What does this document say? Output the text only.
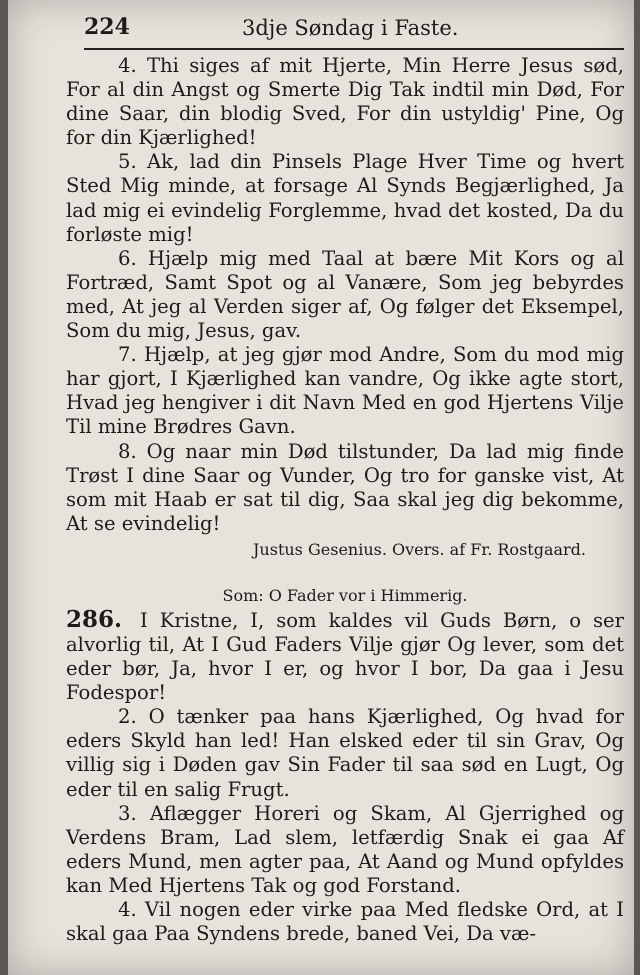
224	3dje Søndag i Faste.

4. Thi siges af mit Hjerte, Min Herre Jesus sød, For al din Angst og Smerte Dig Tak indtil min Død, For dine Saar, din blodig Sved, For din ustyldig' Pine, Og for din Kjærlighed!

5. Ak, lad din Pinsels Plage Hver Time og hvert Sted Mig minde, at forsage Al Synds Begjærlighed, Ja lad mig ei evindelig Forglemme, hvad det kosted, Da du forløste mig!

6. Hjælp mig med Taal at bære Mit Kors og al Fortræd, Samt Spot og al Vanære, Som jeg bebyrdes med, At jeg al Verden siger af, Og følger det Eksempel, Som du mig, Jesus, gav.

7. Hjælp, at jeg gjør mod Andre, Som du mod mig har gjort, I Kjærlighed kan vandre, Og ikke agte stort, Hvad jeg hengiver i dit Navn Med en god Hjertens Vilje Til mine Brødres Gavn.

8. Og naar min Død tilstunder, Da lad mig finde Trøst I dine Saar og Vunder, Og tro for ganske vist, At som mit Haab er sat til dig, Saa skal jeg dig bekomme, At se evindelig!

Justus Gesenius. Overs. af Fr. Rostgaard.
Som: O Fader vor i Himmerig.

286. I Kristne, I, som kaldes vil Guds Børn, o ser alvorlig til, At I Gud Faders Vilje gjør Og lever, som det eder bør, Ja, hvor I er, og hvor I bor, Da gaa i Jesu Fodespor!

2. O tænker paa hans Kjærlighed, Og hvad for eders Skyld han led! Han elsked eder til sin Grav, Og villig sig i Døden gav Sin Fader til saa sød en Lugt, Og eder til en salig Frugt.

3. Aflægger Horeri og Skam, Al Gjerrighed og Verdens Bram, Lad slem, letfærdig Snak ei gaa Af eders Mund, men agter paa, At Aand og Mund opfyldes kan Med Hjertens Tak og god Forstand.

4. Vil nogen eder virke paa Med fledske Ord, at I skal gaa Paa Syndens brede, baned Vei, Da væ-
